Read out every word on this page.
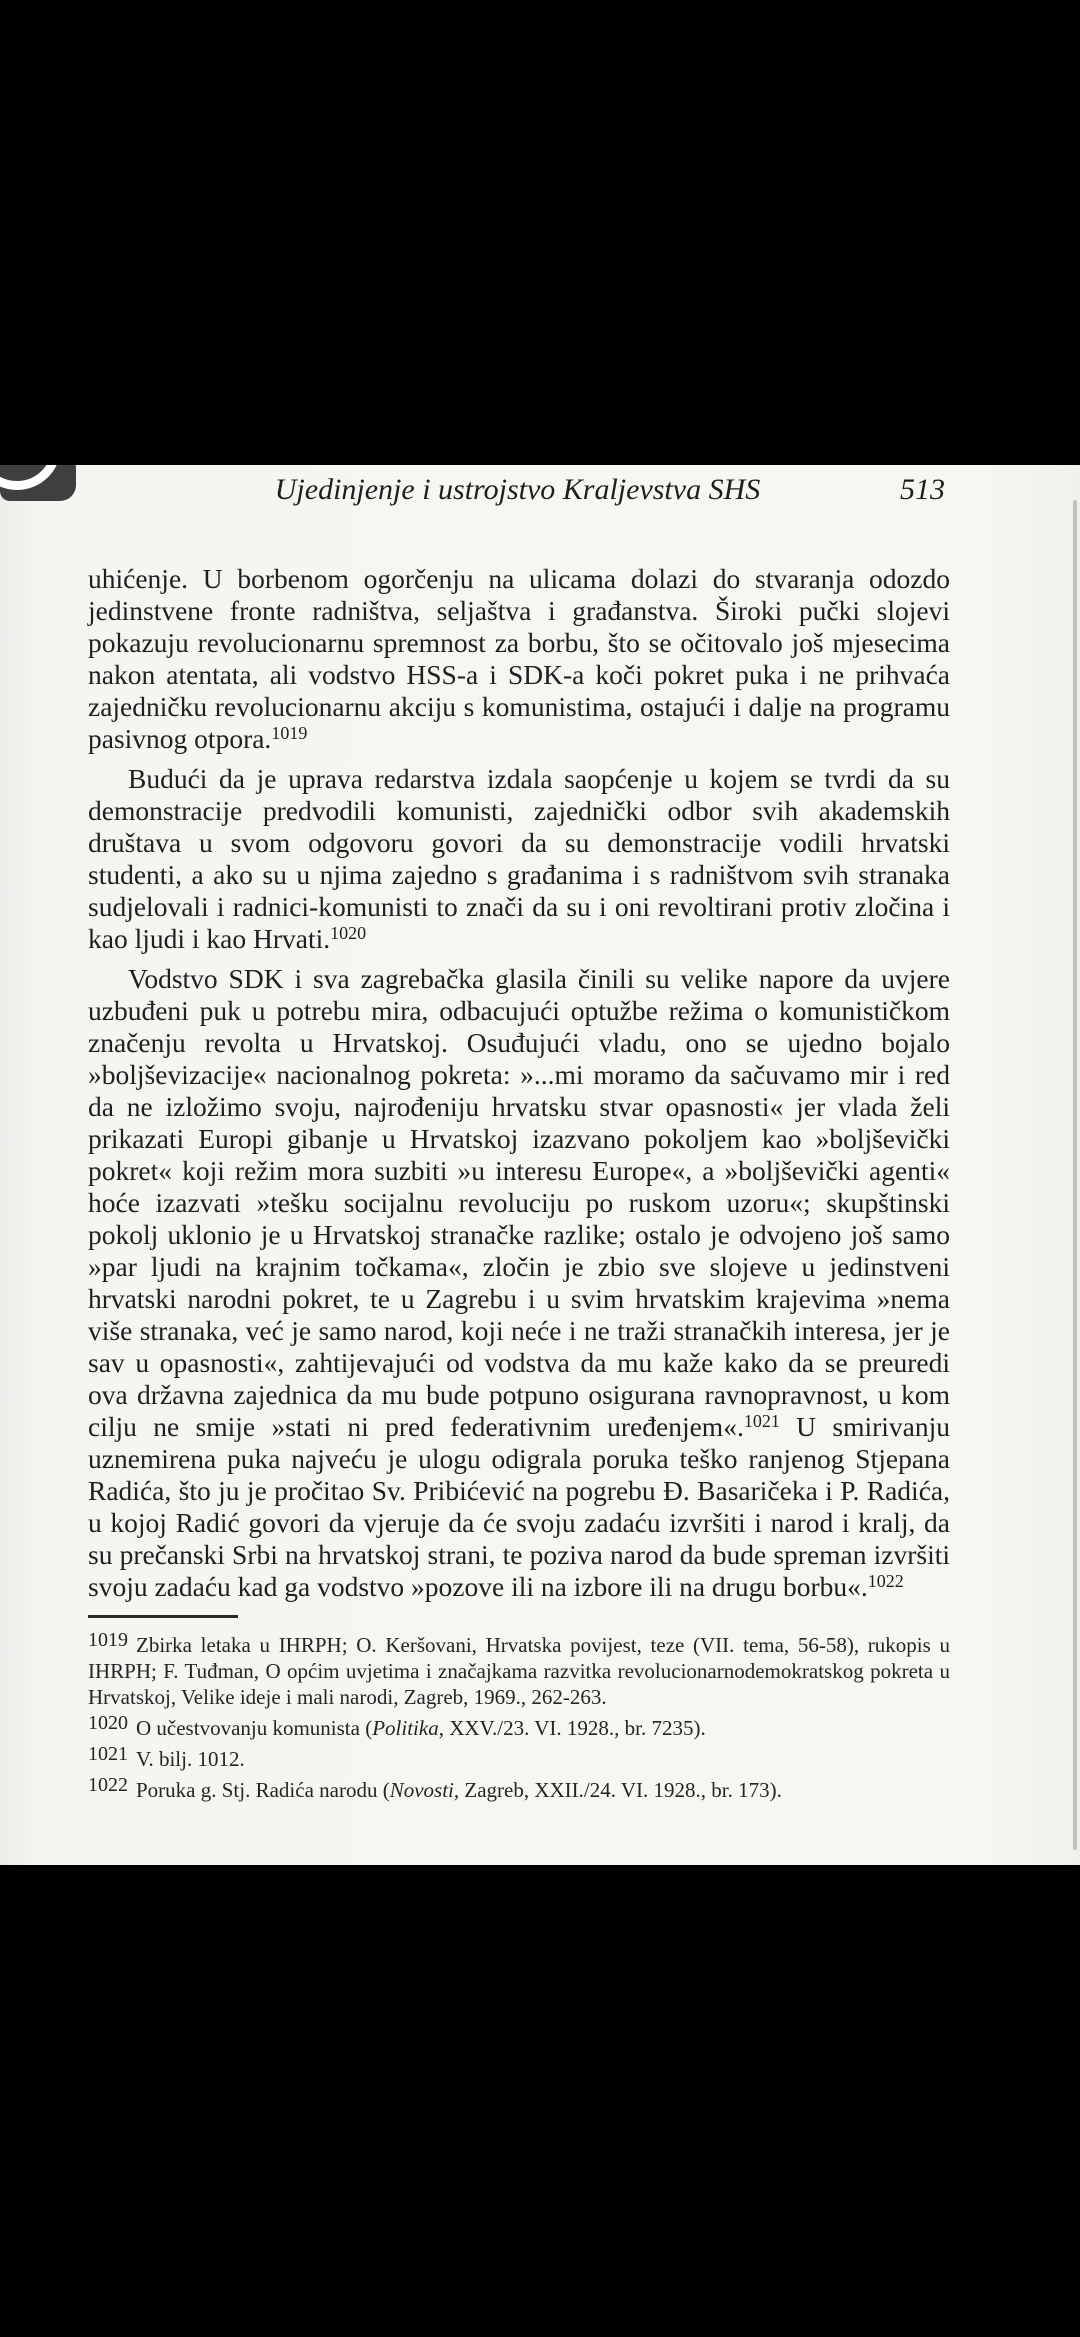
Ujedinjenje i ustrojstvo Kraljevstva SHS	513

uhićenje. U borbenom ogorčenju na ulicama dolazi do stvaranja odozdo jedinstvene fronte radništva, seljaštva i građanstva. Široki pučki slojevi pokazuju revolucionarnu spremnost za borbu, što se očitovalo još mjesecima nakon atentata, ali vodstvo HSS-a i SDK-a koči pokret puka i ne prihvaća zajedničku revolucionarnu akciju s komunistima, ostajući i dalje na programu pasivnog otpora.$^{1019}$

Budući da je uprava redarstva izdala saopćenje u kojem se tvrdi da su demonstracije predvodili komunisti, zajednički odbor svih akademskih društava u svom odgovoru govori da su demonstracije vodili hrvatski studenti, a ako su u njima zajedno s građanima i s radništvom svih stranaka sudjelovali i radnici-komunisti to znači da su i oni revoltirani protiv zločina i kao ljudi i kao Hrvati.$^{1020}$

Vodstvo SDK i sva zagrebačka glasila činili su velike napore da uvjere uzbuđeni puk u potrebu mira, odbacujući optužbe režima o komunističkom značenju revolta u Hrvatskoj. Osuđujući vladu, ono se ujedno bojalo »boljševizacije« nacionalnog pokreta: »...mi moramo da sačuvamo mir i red da ne izložimo svoju, najrođeniju hrvatsku stvar opasnosti« jer vlada želi prikazati Europi gibanje u Hrvatskoj izazvano pokoljem kao »boljševički pokret« koji režim mora suzbiti »u interesu Europe«, a »boljševički agenti« hoće izazvati »tešku socijalnu revoluciju po ruskom uzoru«; skupštinski pokolj uklonio je u Hrvatskoj stranačke razlike; ostalo je odvojeno još samo »par ljudi na krajnim točkama«, zločin je zbio sve slojeve u jedinstveni hrvatski narodni pokret, te u Zagrebu i u svim hrvatskim krajevima »nema više stranaka, već je samo narod, koji neće i ne traži stranačkih interesa, jer je sav u opasnosti«, zahtijevajući od vodstva da mu kaže kako da se preuredi ova državna zajednica da mu bude potpuno osigurana ravnopravnost, u kom cilju ne smije »stati ni pred federativnim uređenjem«.$^{1021}$ U smirivanju uznemirena puka najveću je ulogu odigrala poruka teško ranjenog Stjepana Radića, što ju je pročitao Sv. Pribićević na pogrebu Đ. Basaričeka i P. Radića, u kojoj Radić govori da vjeruje da će svoju zadaću izvršiti i narod i kralj, da su prečanski Srbi na hrvatskoj strani, te poziva narod da bude spreman izvršiti svoju zadaću kad ga vodstvo »pozove ili na izbore ili na drugu borbu«.$^{1022}$

$^{1019}$ Zbirka letaka u IHRPH; O. Keršovani, Hrvatska povijest, teze (VII. tema, 56-58), rukopis u IHRPH; F. Tuđman, O općim uvjetima i značajkama razvitka revolucionarnodemokratskog pokreta u Hrvatskoj, Velike ideje i mali narodi, Zagreb, 1969., 262-263.
$^{1020}$ O učestvovanju komunista (Politika, XXV./23. VI. 1928., br. 7235).
$^{1021}$ V. bilj. 1012.
$^{1022}$ Poruka g. Stj. Radića narodu (Novosti, Zagreb, XXII./24. VI. 1928., br. 173).
